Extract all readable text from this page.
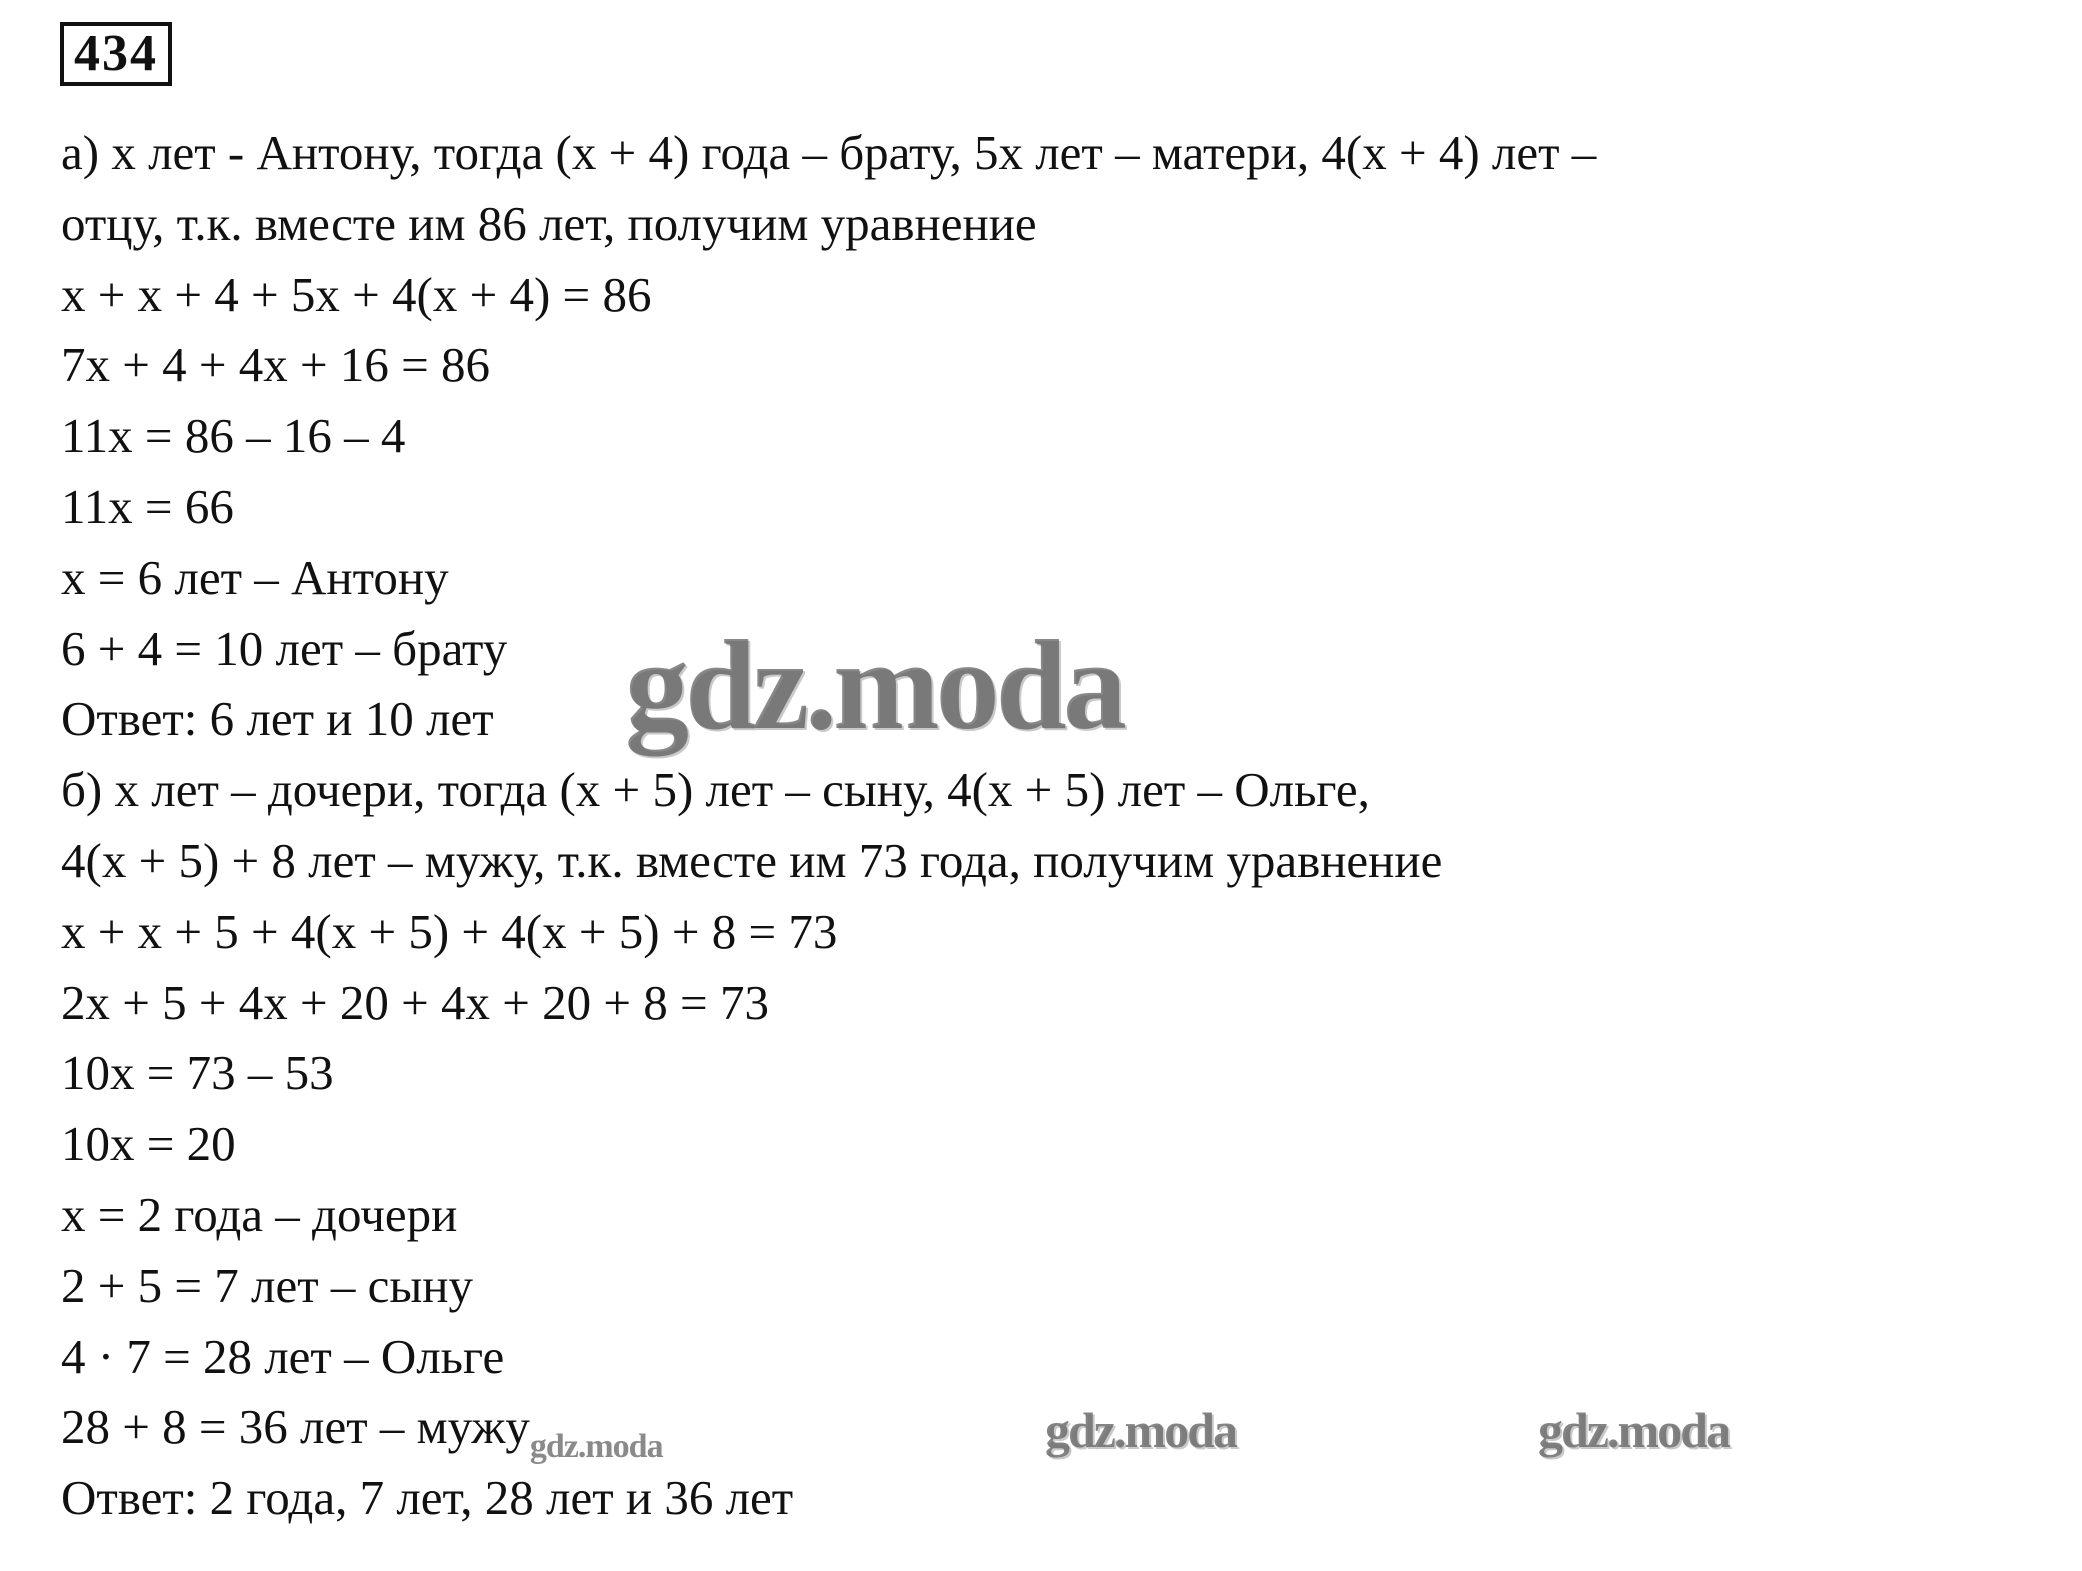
434
а) х лет - Антону, тогда (х + 4) года – брату, 5х лет – матери, 4(х + 4) лет –
отцу, т.к. вместе им 86 лет, получим уравнение
х + х + 4 + 5х + 4(х + 4) = 86
7х + 4 + 4х + 16 = 86
11х = 86 – 16 – 4
11х = 66
х = 6 лет – Антону
6 + 4 = 10 лет – брату
Ответ: 6 лет и 10 лет
б) х лет – дочери, тогда (х + 5) лет – сыну, 4(х + 5) лет – Ольге,
4(х + 5) + 8 лет – мужу, т.к. вместе им 73 года, получим уравнение
х + х + 5 + 4(х + 5) + 4(х + 5) + 8 = 73
2х + 5 + 4х + 20 + 4х + 20 + 8 = 73
10х = 73 – 53
10х = 20
х = 2 года – дочери
2 + 5 = 7 лет – сыну
4 · 7 = 28 лет – Ольге
28 + 8 = 36 лет – мужу$_{gdz.moda}$
Ответ: 2 года, 7 лет, 28 лет и 36 лет
gdz.moda
gdz.moda	gdz.moda
